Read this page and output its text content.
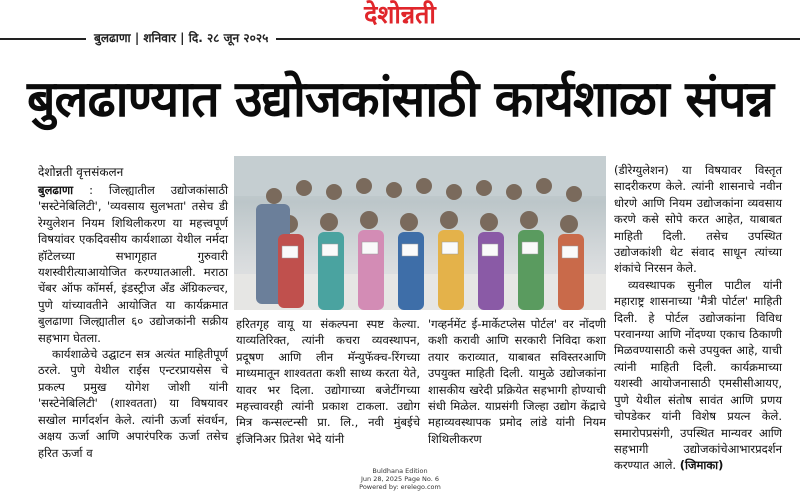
देशोन्नती
बुलढाणा | शनिवार | दि. २८ जून २०२५
बुलढाण्यात उद्योजकांसाठी कार्यशाळा संपन्न
देशोन्नती वृत्तसंकलन

बुलढाणा : जिल्ह्यातील उद्योजकांसाठी 'सस्टेनेबिलिटी', 'व्यवसाय सुलभता' तसेच डी रेग्युलेशन नियम शिथिलीकरण या महत्त्वपूर्ण विषयांवर एकदिवसीय कार्यशाळा येथील नर्मदा हॉटेलच्या सभागृहात गुरुवारी यशस्वीरीत्याआयोजित करण्यातआली. मराठा चेंबर ऑफ कॉमर्स, इंडस्ट्रीज अँड ॲग्रिकल्चर, पुणे यांच्यावतीने आयोजित या कार्यक्रमात बुलढाणा जिल्ह्यातील ६० उद्योजकांनी सक्रीय सहभाग घेतला.

कार्यशाळेचे उद्घाटन सत्र अत्यंत माहितीपूर्ण ठरले. पुणे येथील राईस एन्टरप्रायसेस चे प्रकल्प प्रमुख योगेश जोशी यांनी 'सस्टेनेबिलिटी' (शाश्वतता) या विषयावर सखोल मार्गदर्शन केले. त्यांनी ऊर्जा संवर्धन, अक्षय ऊर्जा आणि अपारंपरिक ऊर्जा तसेच हरित ऊर्जा व

हरितगृह वायू या संकल्पना स्पष्ट केल्या. याव्यतिरिक्त, त्यांनी कचरा व्यवस्थापन, प्रदूषण आणि लीन मॅन्युफॅक्च-रिंगच्या माध्यमातून शाश्वतता कशी साध्य करता येते, यावर भर दिला. उद्योगाच्या बजेटींगच्या महत्त्वावरही त्यांनी प्रकाश टाकला. उद्योग मित्र कन्सल्टन्सी प्रा. लि., नवी मुंबईचे इंजिनिअर प्रितेश भेदे यांनी
'गव्हर्नमेंट ई-मार्केटप्लेस पोर्टल' वर नोंदणी कशी करावी आणि सरकारी निविदा कशा तयार कराव्यात, याबाबत सविस्तरआणि उपयुक्त माहिती दिली. यामुळे उद्योजकांना शासकीय खरेदी प्रक्रियेत सहभागी होण्याची संधी मिळेल. याप्रसंगी जिल्हा उद्योग केंद्राचे महाव्यवस्थापक प्रमोद लांडे यांनी नियम शिथिलीकरण

(डीरेग्युलेशन) या विषयावर विस्तृत सादरीकरण केले. त्यांनी शासनाचे नवीन धोरणे आणि नियम उद्योजकांना व्यवसाय करणे कसे सोपे करत आहेत, याबाबत माहिती दिली. तसेच उपस्थित उद्योजकांशी थेट संवाद साधून त्यांच्या शंकांचे निरसन केले.

व्यवस्थापक सुनील पाटील यांनी महाराष्ट्र शासनाच्या 'मैत्री पोर्टल' माहिती दिली. हे पोर्टल उद्योजकांना विविध परवानग्या आणि नोंदण्या एकाच ठिकाणी मिळवण्यासाठी कसे उपयुक्त आहे, याची त्यांनी माहिती दिली. कार्यक्रमाच्या यशस्वी आयोजनासाठी एमसीसीआयए, पुणे येथील संतोष सावंत आणि प्रणय चोपडेकर यांनी विशेष प्रयत्न केले. समारोपप्रसंगी, उपस्थित मान्यवर आणि सहभागी उद्योजकांचेआभारप्रदर्शन करण्यात आले. (जिमाका)

Buldhana Edition
Jun 28, 2025 Page No. 6
Powered by: erelego.com
